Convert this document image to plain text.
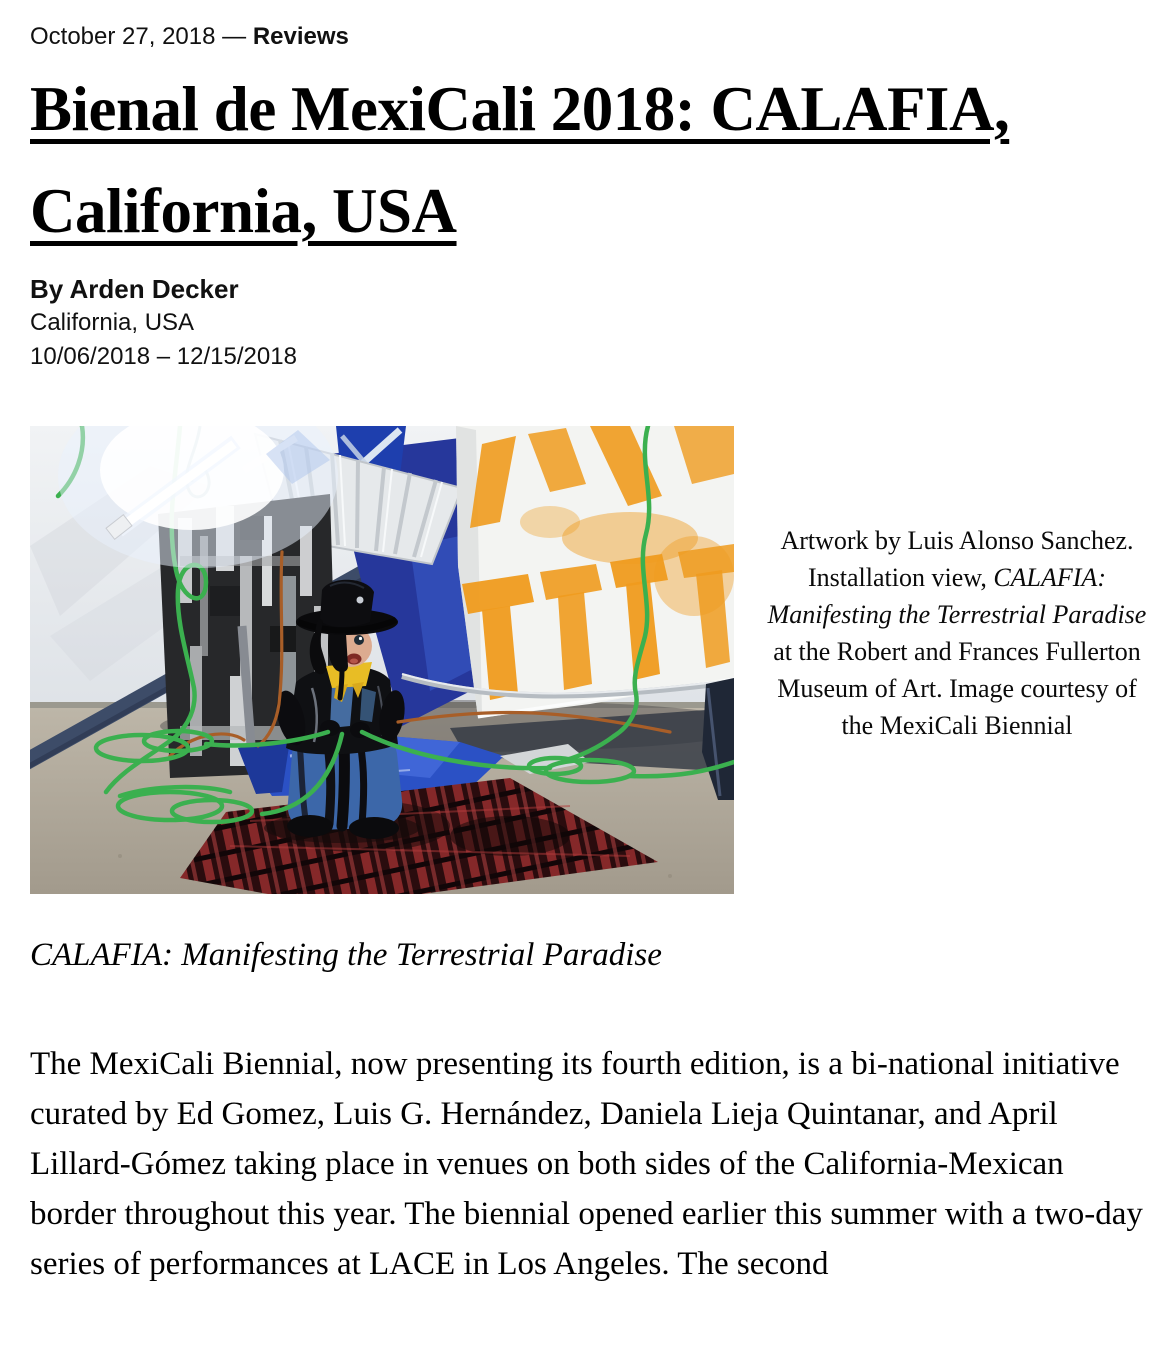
October 27, 2018 — Reviews
Bienal de MexiCali 2018: CALAFIA, California, USA
By Arden Decker
California, USA
10/06/2018 – 12/15/2018
Artwork by Luis Alonso Sanchez. Installation view, CALAFIA: Manifesting the Terrestrial Paradise at the Robert and Frances Fullerton Museum of Art. Image courtesy of the MexiCali Biennial

CALAFIA: Manifesting the Terrestrial Paradise

The MexiCali Biennial, now presenting its fourth edition, is a bi-national initiative curated by Ed Gomez, Luis G. Hernández, Daniela Lieja Quintanar, and April Lillard-Gómez taking place in venues on both sides of the California-Mexican border throughout this year. The biennial opened earlier this summer with a two-day series of performances at LACE in Los Angeles. The second
